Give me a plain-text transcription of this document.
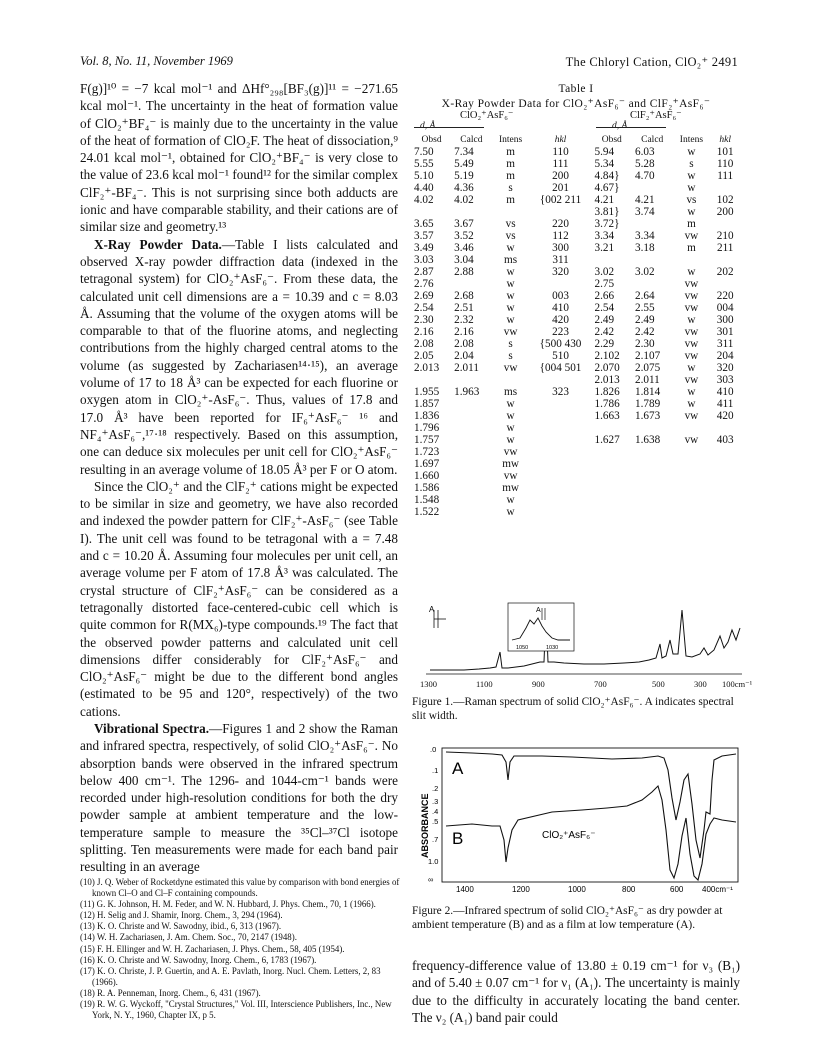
Vol. 8, No. 11, November 1969	The Chloryl Cation, ClO₂⁺ 2491

F(g)]¹⁰ = −7 kcal mol⁻¹ and ΔHf°₂₉₈[BF₃(g)]¹¹ = −271.65 kcal mol⁻¹. The uncertainty in the heat of formation value of ClO₂⁺BF₄⁻ is mainly due to the uncertainty in the value of the heat of formation of ClO₂F. The heat of dissociation,⁹ 24.01 kcal mol⁻¹, obtained for ClO₂⁺BF₄⁻ is very close to the value of 23.6 kcal mol⁻¹ found¹² for the similar complex ClF₂⁺-BF₄⁻. This is not surprising since both adducts are ionic and have comparable stability, and their cations are of similar size and geometry.¹³

X-Ray Powder Data.—Table I lists calculated and observed X-ray powder diffraction data (indexed in the tetragonal system) for ClO₂⁺AsF₆⁻. From these data, the calculated unit cell dimensions are a = 10.39 and c = 8.03 Å. Assuming that the volume of the oxygen atoms will be comparable to that of the fluorine atoms, and neglecting contributions from the highly charged central atoms to the volume (as suggested by Zachariasen¹⁴·¹⁵), an average volume of 17 to 18 Å³ can be expected for each fluorine or oxygen atom in ClO₂⁺-AsF₆⁻. Thus, values of 17.8 and 17.0 Å³ have been reported for IF₆⁺AsF₆⁻ ¹⁶ and NF₄⁺AsF₆⁻,¹⁷·¹⁸ respectively. Based on this assumption, one can deduce six molecules per unit cell for ClO₂⁺AsF₆⁻ resulting in an average volume of 18.05 Å³ per F or O atom.

Since the ClO₂⁺ and the ClF₂⁺ cations might be expected to be similar in size and geometry, we have also recorded and indexed the powder pattern for ClF₂⁺-AsF₆⁻ (see Table I). The unit cell was found to be tetragonal with a = 7.48 and c = 10.20 Å. Assuming four molecules per unit cell, an average volume per F atom of 17.8 Å³ was calculated. The crystal structure of ClF₂⁺AsF₆⁻ can be considered as a tetragonally distorted face-centered-cubic cell which is quite common for R(MX₆)-type compounds.¹⁹ The fact that the observed powder patterns and calculated unit cell dimensions differ considerably for ClF₂⁺AsF₆⁻ and ClO₂⁺AsF₆⁻ might be due to the different bond angles (estimated to be 95 and 120°, respectively) of the two cations.

Vibrational Spectra.—Figures 1 and 2 show the Raman and infrared spectra, respectively, of solid ClO₂⁺AsF₆⁻. No absorption bands were observed in the infrared spectrum below 400 cm⁻¹. The 1296- and 1044-cm⁻¹ bands were recorded under high-resolution conditions for both the dry powder sample at ambient temperature and the low-temperature sample to measure the ³⁵Cl–³⁷Cl isotope splitting. Ten measurements were made for each band pair resulting in an average

(10) J. Q. Weber of Rocketdyne estimated this value by comparison with bond energies of known Cl–O and Cl–F containing compounds.

(11) G. K. Johnson, H. M. Feder, and W. N. Hubbard, J. Phys. Chem., 70, 1 (1966).

(12) H. Selig and J. Shamir, Inorg. Chem., 3, 294 (1964).

(13) K. O. Christe and W. Sawodny, ibid., 6, 313 (1967).

(14) W. H. Zachariasen, J. Am. Chem. Soc., 70, 2147 (1948).

(15) F. H. Ellinger and W. H. Zachariasen, J. Phys. Chem., 58, 405 (1954).

(16) K. O. Christe and W. Sawodny, Inorg. Chem., 6, 1783 (1967).

(17) K. O. Christe, J. P. Guertin, and A. E. Pavlath, Inorg. Nucl. Chem. Letters, 2, 83 (1966).

(18) R. A. Penneman, Inorg. Chem., 6, 431 (1967).

(19) R. W. G. Wyckoff, "Crystal Structures," Vol. III, Interscience Publishers, Inc., New York, N. Y., 1960, Chapter IX, p 5.

Table I
X-Ray Powder Data for ClO₂⁺AsF₆⁻ and ClF₂⁺AsF₆⁻
ClO₂⁺AsF₆⁻	ClF₂⁺AsF₆⁻
d, Å	d, Å
Obsd	Calcd	Intens	hkl	Obsd	Calcd	Intens	hkl
7.50	7.34	m	110	5.94	6.03	w	101
5.55	5.49	m	111	5.34	5.28	s	110
5.10	5.19	m	200	4.84}	4.70	w	111
4.40	4.36	s	201	4.67}		w	
4.02	4.02	m	{002 211	4.21	4.21	vs	102
				3.81}	3.74	w	200
3.65	3.67	vs	220	3.72}		m	
3.57	3.52	vs	112	3.34	3.34	vw	210
3.49	3.46	w	300	3.21	3.18	m	211
3.03	3.04	ms	311				
2.87	2.88	w	320	3.02	3.02	w	202
2.76		w		2.75		vw	
2.69	2.68	w	003	2.66	2.64	vw	220
2.54	2.51	w	410	2.54	2.55	vw	004
2.30	2.32	w	420	2.49	2.49	w	300
2.16	2.16	vw	223	2.42	2.42	vw	301
2.08	2.08	s	{500 430	2.29	2.30	vw	311
2.05	2.04	s	510	2.102	2.107	vw	204
2.013	2.011	vw	{004 501	2.070	2.075	w	320
				2.013	2.011	vw	303
1.955	1.963	ms	323	1.826	1.814	w	410
1.857		w		1.786	1.789	w	411
1.836		w		1.663	1.673	vw	420
1.796		w					
1.757		w		1.627	1.638	vw	403
1.723		vw					
1.697		mw					
1.660		vw					
1.586		mw					
1.548		w					
1.522		w					
A	A
1050	1030
1300	1100	900	700	500	300 100cm⁻¹
Figure 1.—Raman spectrum of solid ClO₂⁺AsF₆⁻. A indicates spectral slit width.
ABSORBANCE
.0
.1
.2
.3
.4
.5
.7
1.0
∞
A
B	ClO₂⁺AsF₆⁻
1400	1200	1000	800	600 400cm⁻¹
Figure 2.—Infrared spectrum of solid ClO₂⁺AsF₆⁻ as dry powder at ambient temperature (B) and as a film at low temperature (A).

frequency-difference value of 13.80 ± 0.19 cm⁻¹ for ν₃ (B₁) and of 5.40 ± 0.07 cm⁻¹ for ν₁ (A₁). The uncertainty is mainly due to the difficulty in accurately locating the band center. The ν₂ (A₁) band pair could
